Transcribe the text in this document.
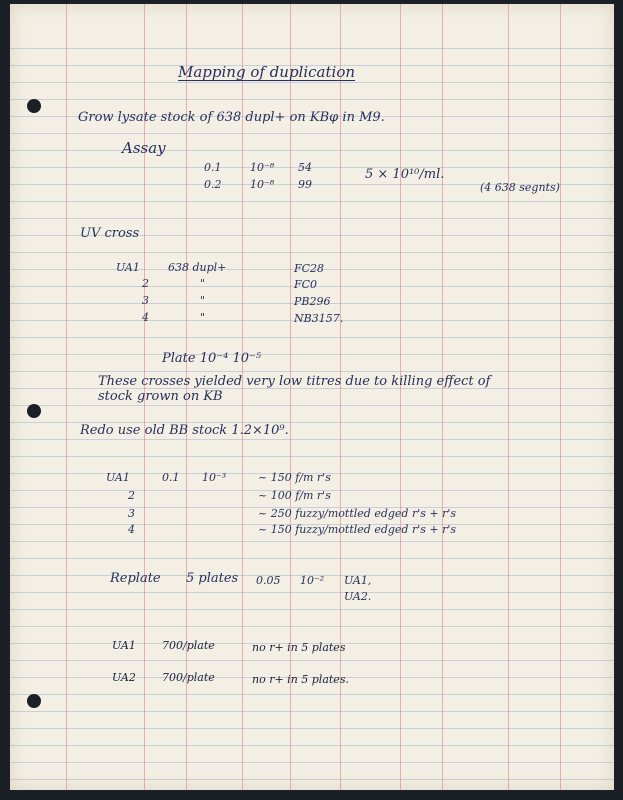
Mapping of duplication
Grow lysate stock of 638 dupl+ on KBφ in M9.
Assay
0.1	10⁻⁸ 54
0.2	10⁻⁸ 99
5 × 10¹⁰/ml.
(4 638 segnts)
UV cross
UA1	638 dupl+	FC28
2	"	FC0
3	"	PB296
4	"	NB3157.
Plate 10⁻⁴ 10⁻⁵
These crosses yielded very low titres due to killing effect of
stock grown on KB
Redo use old BB stock 1.2×10⁹.
UA1	0.1 10⁻³	~ 150 f/m r's
2	~ 100 f/m r's
3	~ 250 fuzzy/mottled edged r's + r's
4	~ 150 fuzzy/mottled edged r's + r's
Replate 5 plates 0.05 10⁻² UA1,
UA2.
UA1 700/plate	no r+ in 5 plates
UA2 700/plate	no r+ in 5 plates.
